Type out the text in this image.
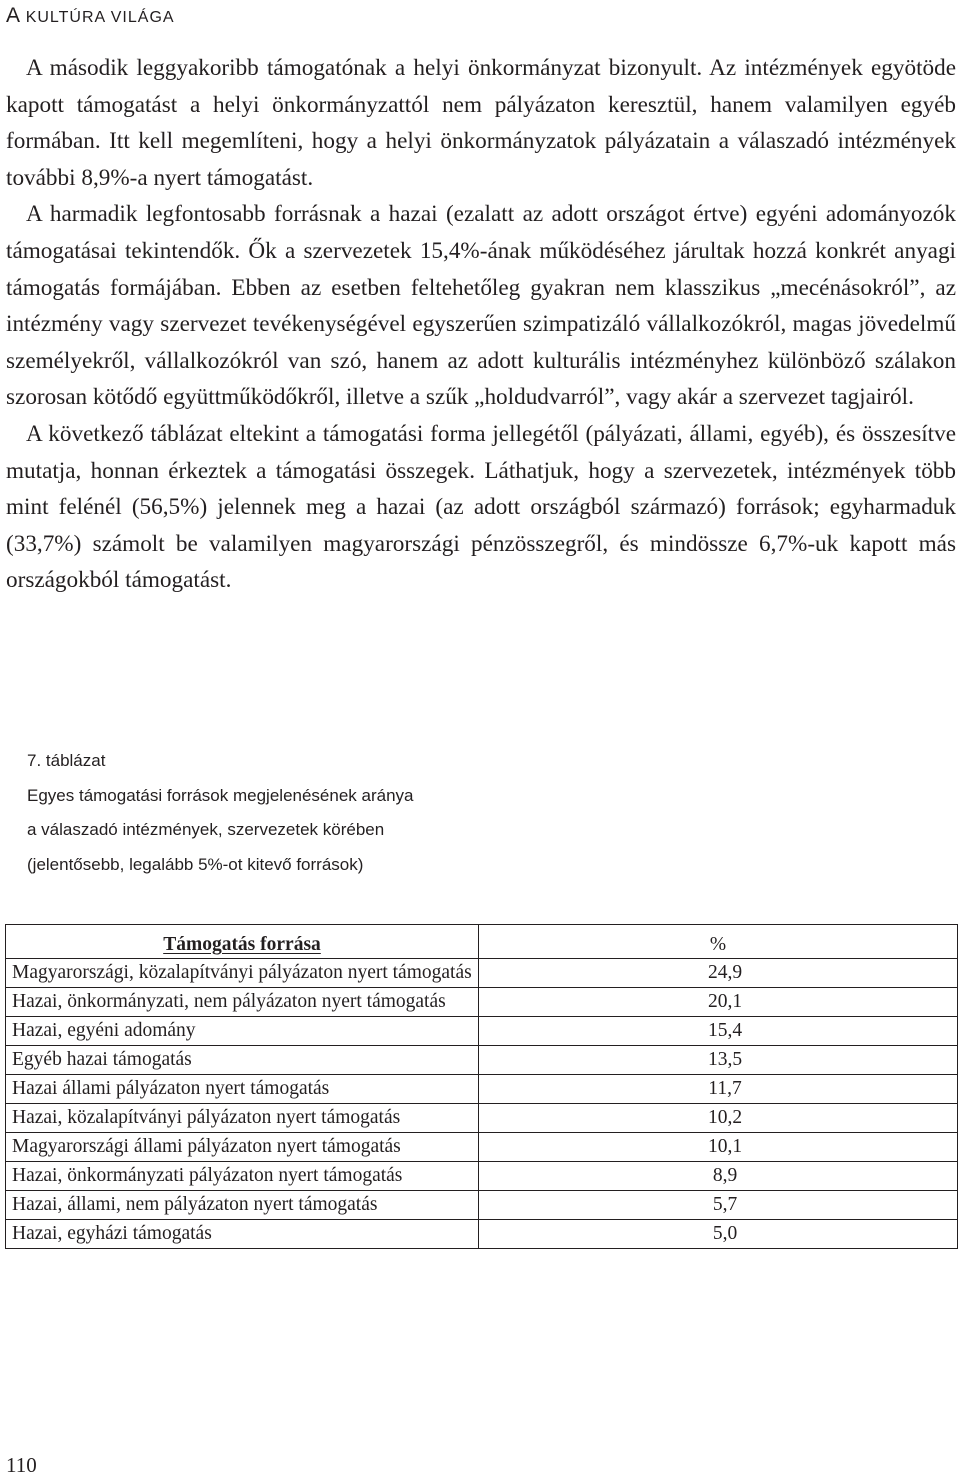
A KULTÚRA VILÁGA

A második leggyakoribb támogatónak a helyi önkormányzat bizonyult. Az intézmények egyötöde kapott támogatást a helyi önkormányzattól nem pályázaton keresztül, hanem valamilyen egyéb formában. Itt kell megemlíteni, hogy a helyi önkormányzatok pályázatain a válaszadó intézmények további 8,9%-a nyert támogatást.

A harmadik legfontosabb forrásnak a hazai (ezalatt az adott országot értve) egyéni adományozók támogatásai tekintendők. Ők a szervezetek 15,4%-ának működéséhez járultak hozzá konkrét anyagi támogatás formájában. Ebben az esetben feltehetőleg gyakran nem klasszikus „mecénásokról”, az intézmény vagy szervezet tevékenységével egyszerűen szimpatizáló vállalkozókról, magas jövedelmű személyekről, vállalkozókról van szó, hanem az adott kulturális intézményhez különböző szálakon szorosan kötődő együttműködőkről, illetve a szűk „holdudvarról”, vagy akár a szervezet tagjairól.

A következő táblázat eltekint a támogatási forma jellegétől (pályázati, állami, egyéb), és összesítve mutatja, honnan érkeztek a támogatási összegek. Láthatjuk, hogy a szervezetek, intézmények több mint felénél (56,5%) jelennek meg a hazai (az adott országból származó) források; egyharmaduk (33,7%) számolt be valamilyen magyarországi pénzösszegről, és mindössze 6,7%-uk kapott más országokból támogatást.

7. táblázat
Egyes támogatási források megjelenésének aránya
a válaszadó intézmények, szervezetek körében
(jelentősebb, legalább 5%-ot kitevő források)
Támogatás forrása	%
Magyarországi, közalapítványi pályázaton nyert támogatás	24,9
Hazai, önkormányzati, nem pályázaton nyert támogatás	20,1
Hazai, egyéni adomány	15,4
Egyéb hazai támogatás	13,5
Hazai állami pályázaton nyert támogatás	11,7
Hazai, közalapítványi pályázaton nyert támogatás	10,2
Magyarországi állami pályázaton nyert támogatás	10,1
Hazai, önkormányzati pályázaton nyert támogatás	8,9
Hazai, állami, nem pályázaton nyert támogatás	5,7
Hazai, egyházi támogatás	5,0
110
